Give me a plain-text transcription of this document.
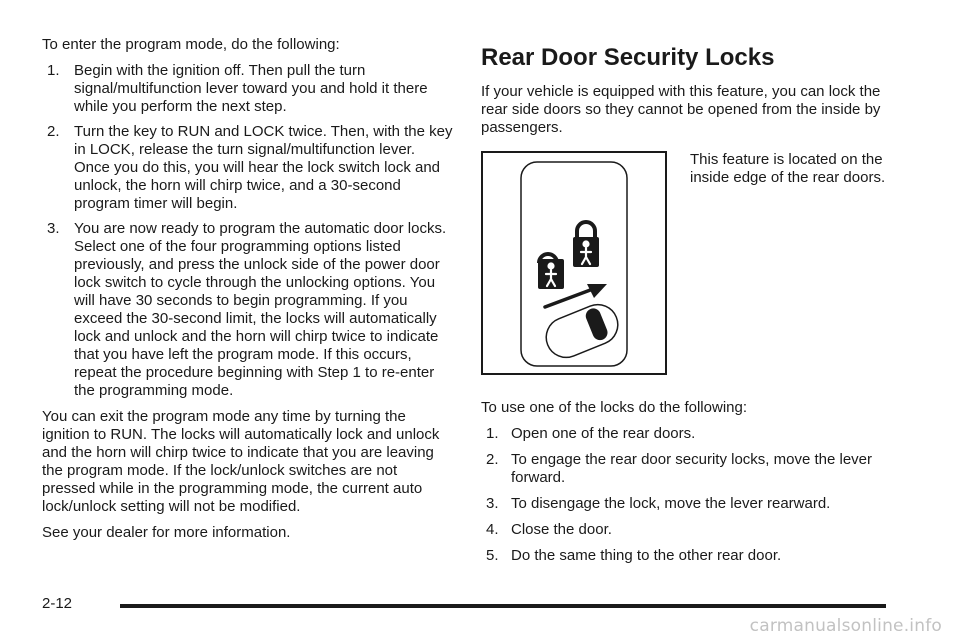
To enter the program mode, do the following:

1. Begin with the ignition off. Then pull the turn signal/multifunction lever toward you and hold it there while you perform the next step.
2. Turn the key to RUN and LOCK twice. Then, with the key in LOCK, release the turn signal/multifunction lever. Once you do this, you will hear the lock switch lock and unlock, the horn will chirp twice, and a 30-second program timer will begin.
3. You are now ready to program the automatic door locks. Select one of the four programming options listed previously, and press the unlock side of the power door lock switch to cycle through the unlocking options. You will have 30 seconds to begin programming. If you exceed the 30-second limit, the locks will automatically lock and unlock and the horn will chirp twice to indicate that you have left the program mode. If this occurs, repeat the procedure beginning with Step 1 to re-enter the programming mode.

You can exit the program mode any time by turning the ignition to RUN. The locks will automatically lock and unlock and the horn will chirp twice to indicate that you are leaving the program mode. If the lock/unlock switches are not pressed while in the programming mode, the current auto lock/unlock setting will not be modified.

See your dealer for more information.

Rear Door Security Locks

If your vehicle is equipped with this feature, you can lock the rear side doors so they cannot be opened from the inside by passengers.

This feature is located on the inside edge of the rear doors.

To use one of the locks do the following:

1. Open one of the rear doors.
2. To engage the rear door security locks, move the lever forward.
3. To disengage the lock, move the lever rearward.
4. Close the door.
5. Do the same thing to the other rear door.
2-12
carmanualsonline.info
